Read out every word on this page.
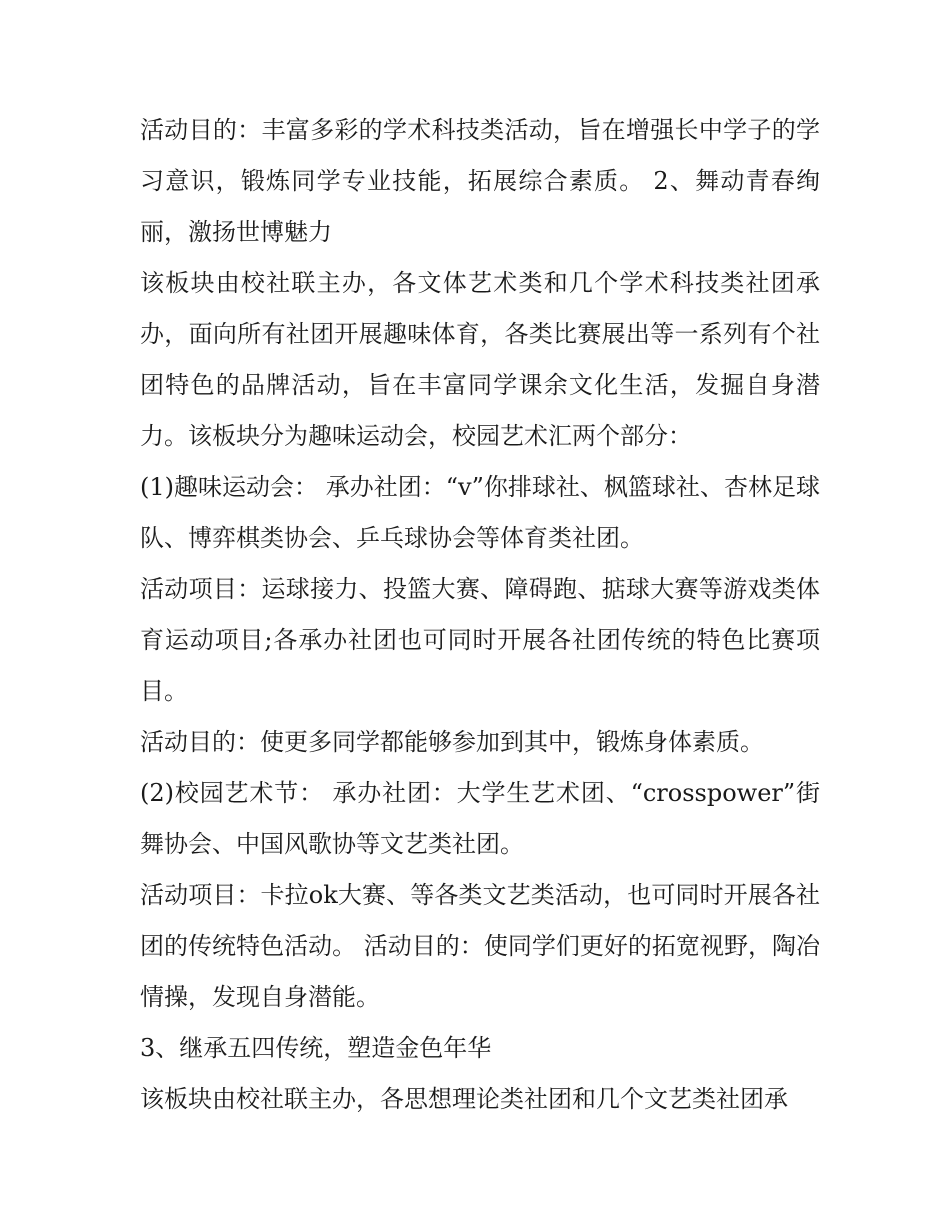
活动目的：丰富多彩的学术科技类活动，旨在增强长中学子的学习意识，锻炼同学专业技能，拓展综合素质。 2、舞动青春绚丽，激扬世博魅力

该板块由校社联主办，各文体艺术类和几个学术科技类社团承办，面向所有社团开展趣味体育，各类比赛展出等一系列有个社团特色的品牌活动，旨在丰富同学课余文化生活，发掘自身潜力。该板块分为趣味运动会，校园艺术汇两个部分：

(1)趣味运动会： 承办社团：“v”你排球社、枫篮球社、杏林足球队、博弈棋类协会、乒乓球协会等体育类社团。

活动项目：运球接力、投篮大赛、障碍跑、掂球大赛等游戏类体育运动项目;各承办社团也可同时开展各社团传统的特色比赛项目。

活动目的：使更多同学都能够参加到其中，锻炼身体素质。

(2)校园艺术节： 承办社团：大学生艺术团、“crosspower”街舞协会、中国风歌协等文艺类社团。

活动项目：卡拉ok大赛、等各类文艺类活动，也可同时开展各社团的传统特色活动。 活动目的：使同学们更好的拓宽视野，陶冶情操，发现自身潜能。

3、继承五四传统，塑造金色年华

该板块由校社联主办，各思想理论类社团和几个文艺类社团承
